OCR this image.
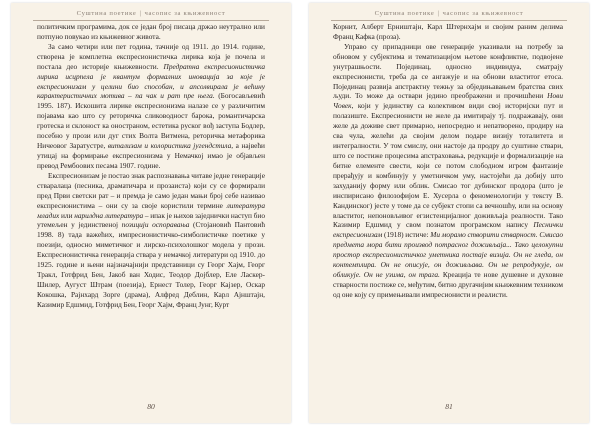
Суштина поетике | часопис за књижевност

политичким програмима, док се један број писаца држао неутрално или потпуно повукао из књижевног живота.

За само четири или пет година, тачније од 1911. до 1914. године, створена је комплетна експресионистичка лирика која је почела и постала део историје књижевности. Предратна експресионистичка лирика исцрпела је квантум формалних иновација за које је експресионизам у целини био способан, и апсолвирала је већину карактеристичних мотива – па чак и рат пре њега. (Богосављевић 1995. 187). Искошита лирике експресионизма налазе се у различитим појавама као што су реторичка слиководност барока, романтичарска гротеска и склоност ка оностраном, естетика руског вођ заступа Бодлер, посебно у прози или дуг стих Волта Витмена, реторичка метафорика Ничеовог Заратустре, витализам и колористика југендстила, а највећи утицај на формирање експресионизма у Немачкој имао је објављен превод Рембоових песама 1907. године.

Експресионизам је постао знак распознавања читаве једне генерације стваралаца (песника, драматичара и прозаиста) који су се формирали пред Први светски рат – и премда је само један мањи број себе називао експресионистима – они су за своје користили термине литература младих или нарилдна литература – ипак је њихов заједнички наступ био утемељен у јединственој позицији оспоравања (Стојановић Пантовић 1998. 8) тада важећих, импресионистичко-симболистичке поетике у поезији, односно миметичког и лирско-психолошког модела у прози. Експресионистичка генерација ствара у немачкој литератури од 1910. до 1925. године и њени најзначајнији представници су Георг Хајм, Георг Тракл, Готфрид Бен, Јакоб ван Ходис, Теодор Дојблер, Еле Ласкер-Шилер, Аугуст Штрам (поезија), Ернест Толер, Георг Кајзер, Оскар Кокошка, Рајнхард Зорге (драма), Алфред Деблин, Карл Ајнштајн, Казимир Едшмид, Готфрид Бен, Георг Хајм, Франц Јунг, Курт

80
Суштина поетике | часопис за књижевност

Корнит, Алберт Ерништајн, Карл Штернхајм и својим раним делима Франц Кафка (проза).

Управо су припадници ове генерације указивали на потребу за обновом у субјектима и тематизацијом њетове конфликтне, подвојене унутрашњости. Појединац, односно индивидуа, сматрају експресионисти, треба да се ангажује и на обнови властитог етоса. Појединац развија апстрактну тежњу за обједињавањем братства свих људи. То може да оствари једино преображени и прочишћени Нови Човек, који у јединству са колективом види свој историјски пут и полазиште. Експресионисти не желе да имитирају тј. подражавају, они желе да доживе свет примарно, непосредно и непатворено, продиру на сва чула, желећи да својим делом подаре визију тоталитета и интегралности. У том смислу, они настоје да продру до суштине ствари, што се постиже процесима апстраховања, редукције и формализације на битне елементе свести, који се потом слободном игром фантазије прерађују и комбинују у уметничком уму, настојећи да добију што захуданију форму или облик. Смисао тог дубинског продора (што је инспирисано филозофијом Е. Хусерла о феноменологији у тексту В. Кандинског) јесте у томе да се субјект стопи са вечношћу, или на основу властитог, непоновљивог егзистенцијалног доживљаја реалности. Тако Казимир Едшмид у свом познатом програмском напису Песнички експресионизам (1918) истиче: Ми морамо створити стварност. Смисао предмета мора бити производ потрасног доживљаја... Тако целокупни простор експресионистичког уметника постаје визија. Он не гледа, он контемплира. Он не описује, он доживљава. Он не репродукује, он обликује. Он не узима, он трага. Креација те нове душевне и духовне стварности постиже се, међутим, битно другачијим књижевним техником од оне коју су примењивали импресионисти и реалисти.

81
